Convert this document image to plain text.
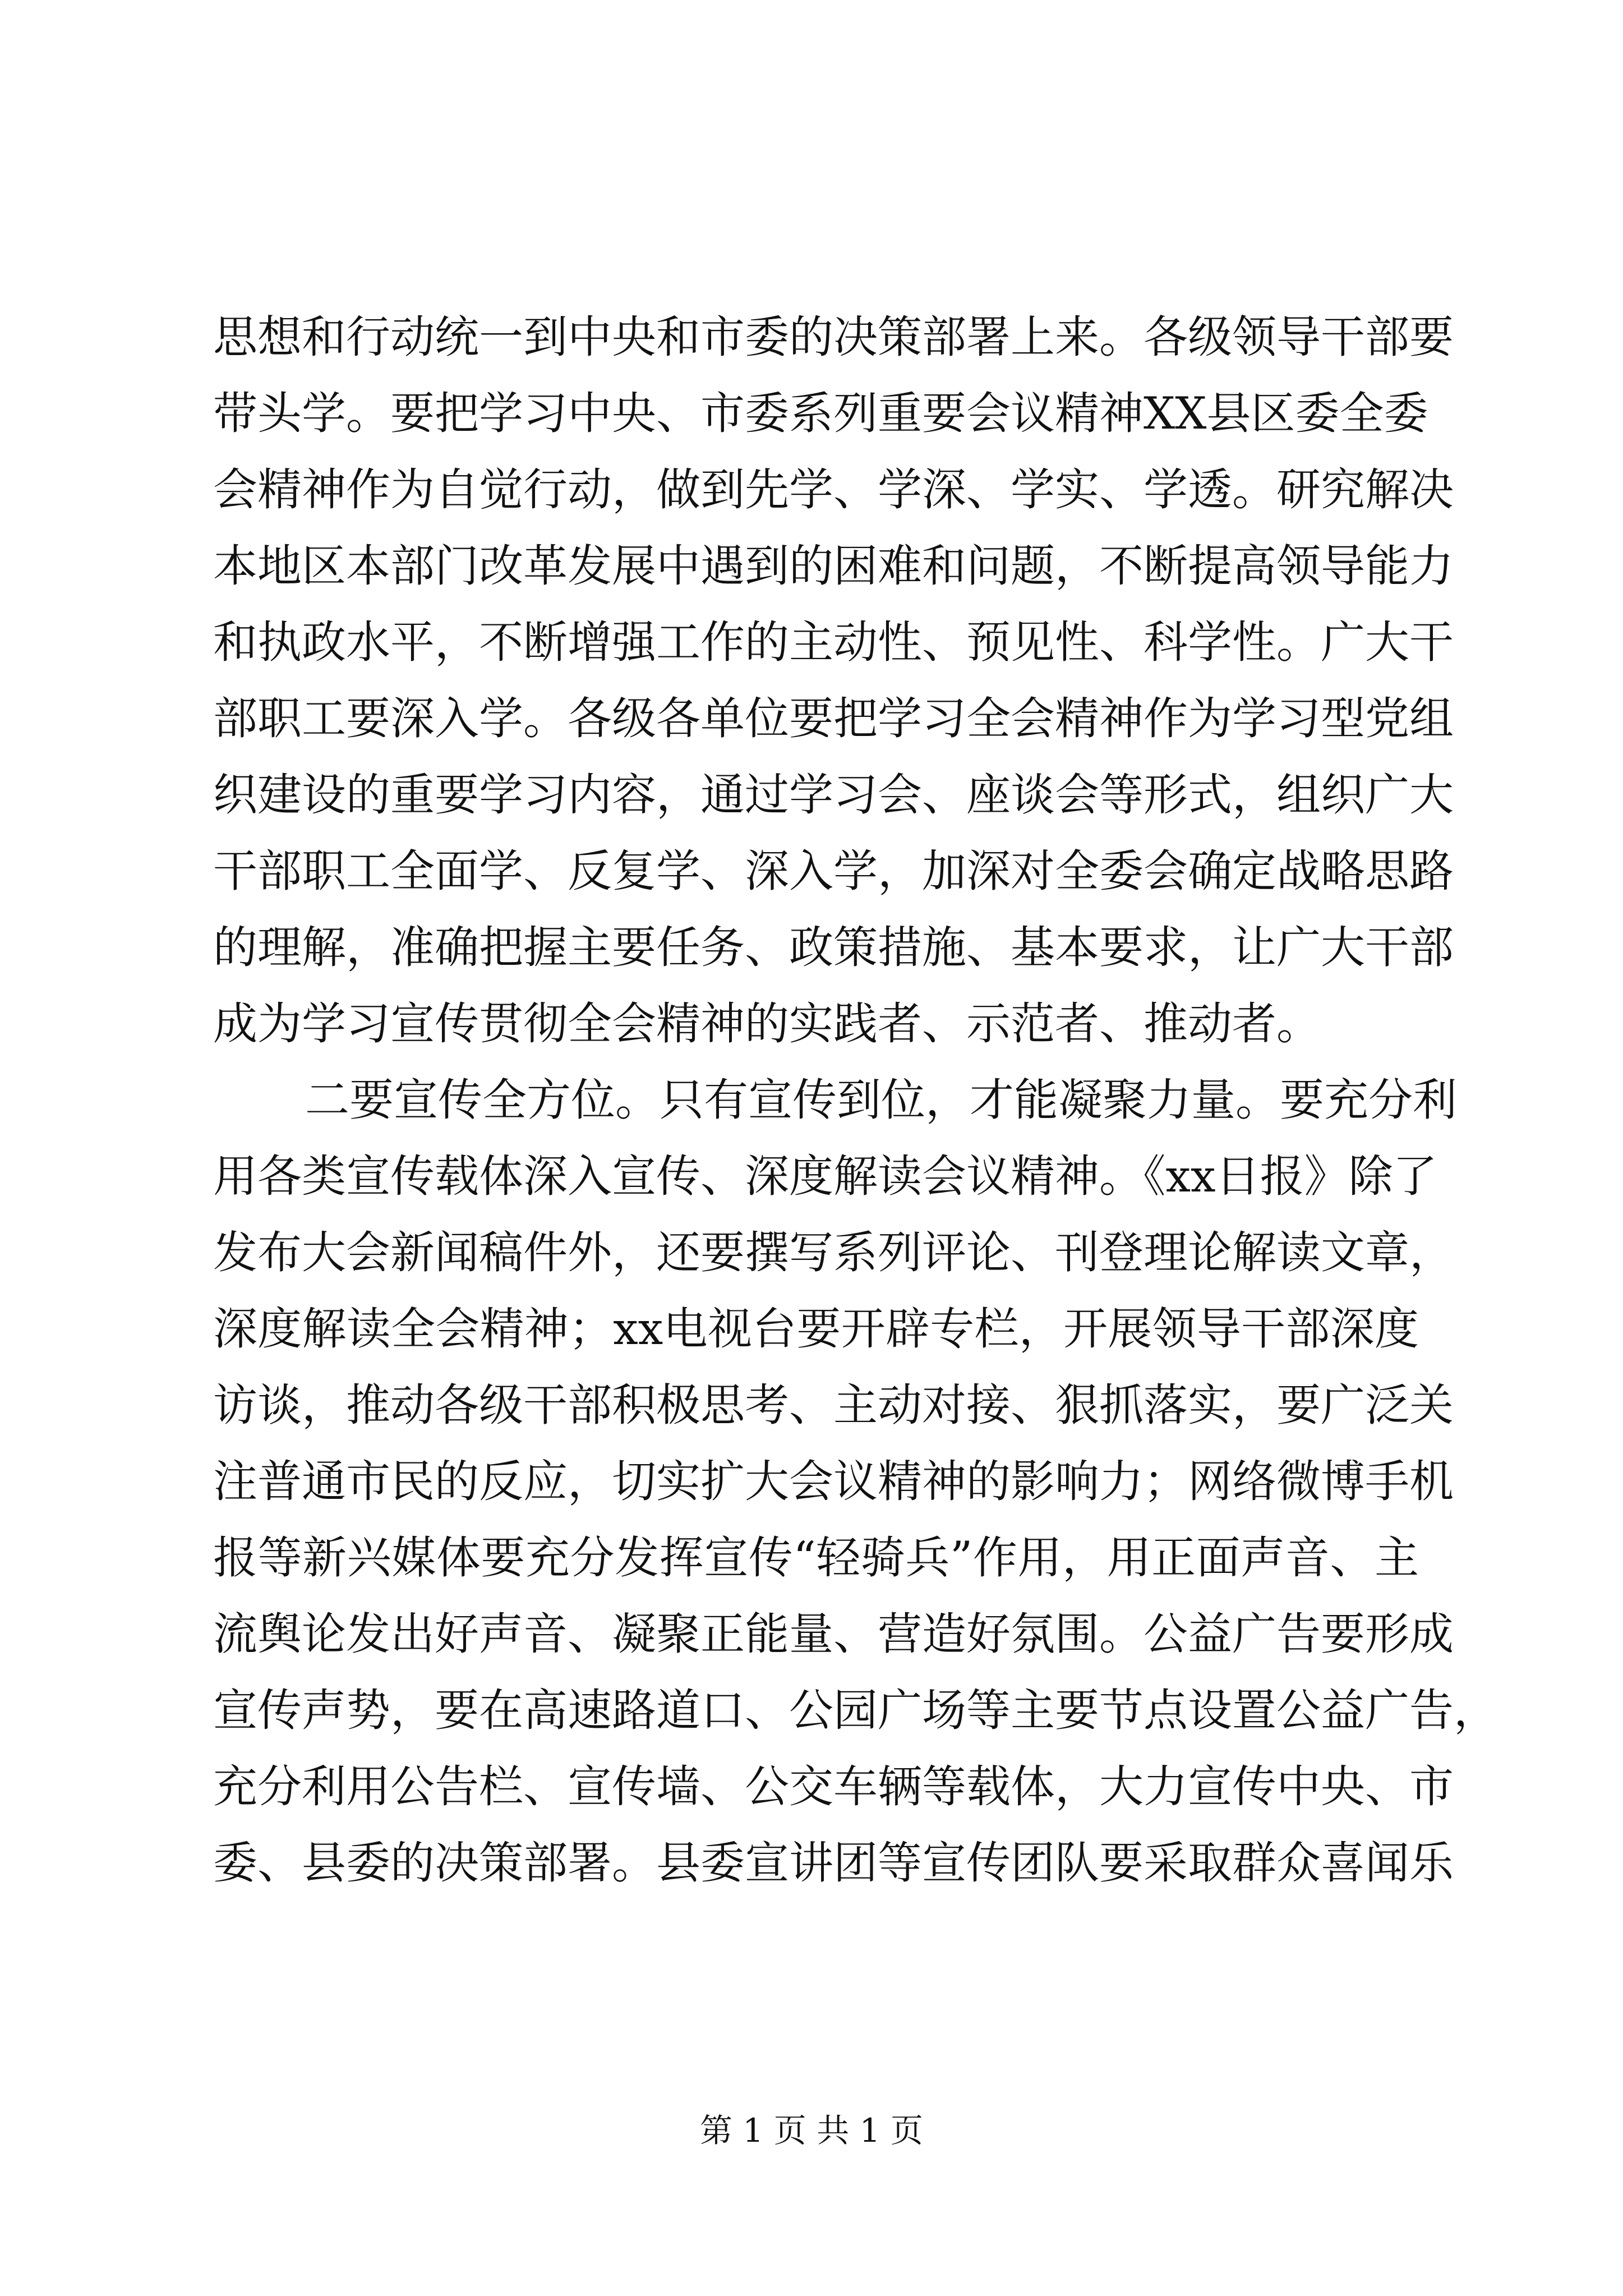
思想和行动统一到中央和市委的决策部署上来。各级领导干部要
带头学。要把学习中央、市委系列重要会议精神XX县区委全委
会精神作为自觉行动，做到先学、学深、学实、学透。研究解决
本地区本部门改革发展中遇到的困难和问题，不断提高领导能力
和执政水平，不断增强工作的主动性、预见性、科学性。广大干
部职工要深入学。各级各单位要把学习全会精神作为学习型党组
织建设的重要学习内容，通过学习会、座谈会等形式，组织广大
干部职工全面学、反复学、深入学，加深对全委会确定战略思路
的理解，准确把握主要任务、政策措施、基本要求，让广大干部
成为学习宣传贯彻全会精神的实践者、示范者、推动者。
二要宣传全方位。只有宣传到位，才能凝聚力量。要充分利
用各类宣传载体深入宣传、深度解读会议精神。《xx日报》除了
发布大会新闻稿件外，还要撰写系列评论、刊登理论解读文章，
深度解读全会精神；xx电视台要开辟专栏，开展领导干部深度
访谈，推动各级干部积极思考、主动对接、狠抓落实，要广泛关
注普通市民的反应，切实扩大会议精神的影响力；网络微博手机
报等新兴媒体要充分发挥宣传“轻骑兵”作用，用正面声音、主
流舆论发出好声音、凝聚正能量、营造好氛围。公益广告要形成
宣传声势，要在高速路道口、公园广场等主要节点设置公益广告，
充分利用公告栏、宣传墙、公交车辆等载体，大力宣传中央、市
委、县委的决策部署。县委宣讲团等宣传团队要采取群众喜闻乐
第 1 页 共 1 页
